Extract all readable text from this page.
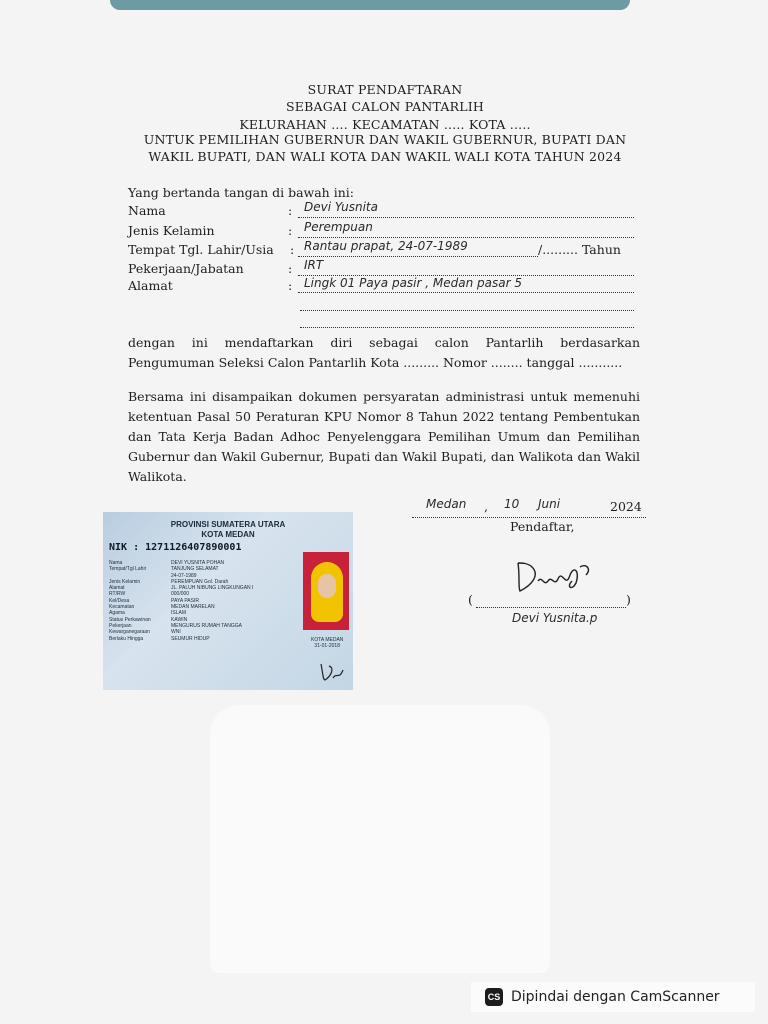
SURAT PENDAFTARAN
SEBAGAI CALON PANTARLIH
KELURAHAN .... KECAMATAN ..... KOTA .....
UNTUK PEMILIHAN GUBERNUR DAN WAKIL GUBERNUR, BUPATI DAN
WAKIL BUPATI, DAN WALI KOTA DAN WAKIL WALI KOTA TAHUN 2024
Yang bertanda tangan di bawah ini:
Nama	: Devi Yusnita
Jenis Kelamin	: Perempuan
Tempat Tgl. Lahir/Usia : Rantau prapat, 24-07-1989	/......... Tahun
Pekerjaan/Jabatan	: IRT
Alamat	: Lingk 01 Paya pasir , Medan pasar 5
dengan ini mendaftarkan diri sebagai calon Pantarlih berdasarkan Pengumuman Seleksi Calon Pantarlih Kota ......... Nomor ........ tanggal ...........
Bersama ini disampaikan dokumen persyaratan administrasi untuk memenuhi ketentuan Pasal 50 Peraturan KPU Nomor 8 Tahun 2022 tentang Pembentukan dan Tata Kerja Badan Adhoc Penyelenggara Pemilihan Umum dan Pemilihan Gubernur dan Wakil Gubernur, Bupati dan Wakil Bupati, dan Walikota dan Wakil Walikota.
Medan , 10 Juni	2024
Pendaftar,
(	)
Devi Yusnita.p
PROVINSI SUMATERA UTARA
KOTA MEDAN
NIK : 1271126407890001
Nama	DEVI YUSNITA POHAN
Tempat/Tgl Lahir	TANJUNG SELAMAT
24-07-1989
Jenis Kelamin	PEREMPUAN Gol. Darah
Alamat	JL. PALUH NIBUNG LINGKUNGAN I
RT/RW	000/000
Kel/Desa	PAYA PASIR
Kecamatan	MEDAN MARELAN
Agama	ISLAM
Status Perkawinan	KAWIN
Pekerjaan	MENGURUS RUMAH TANGGA
Kewarganegaraan	WNI
Berlaku Hingga	SEUMUR HIDUP	KOTA MEDAN
31-01-2018
CS Dipindai dengan CamScanner
